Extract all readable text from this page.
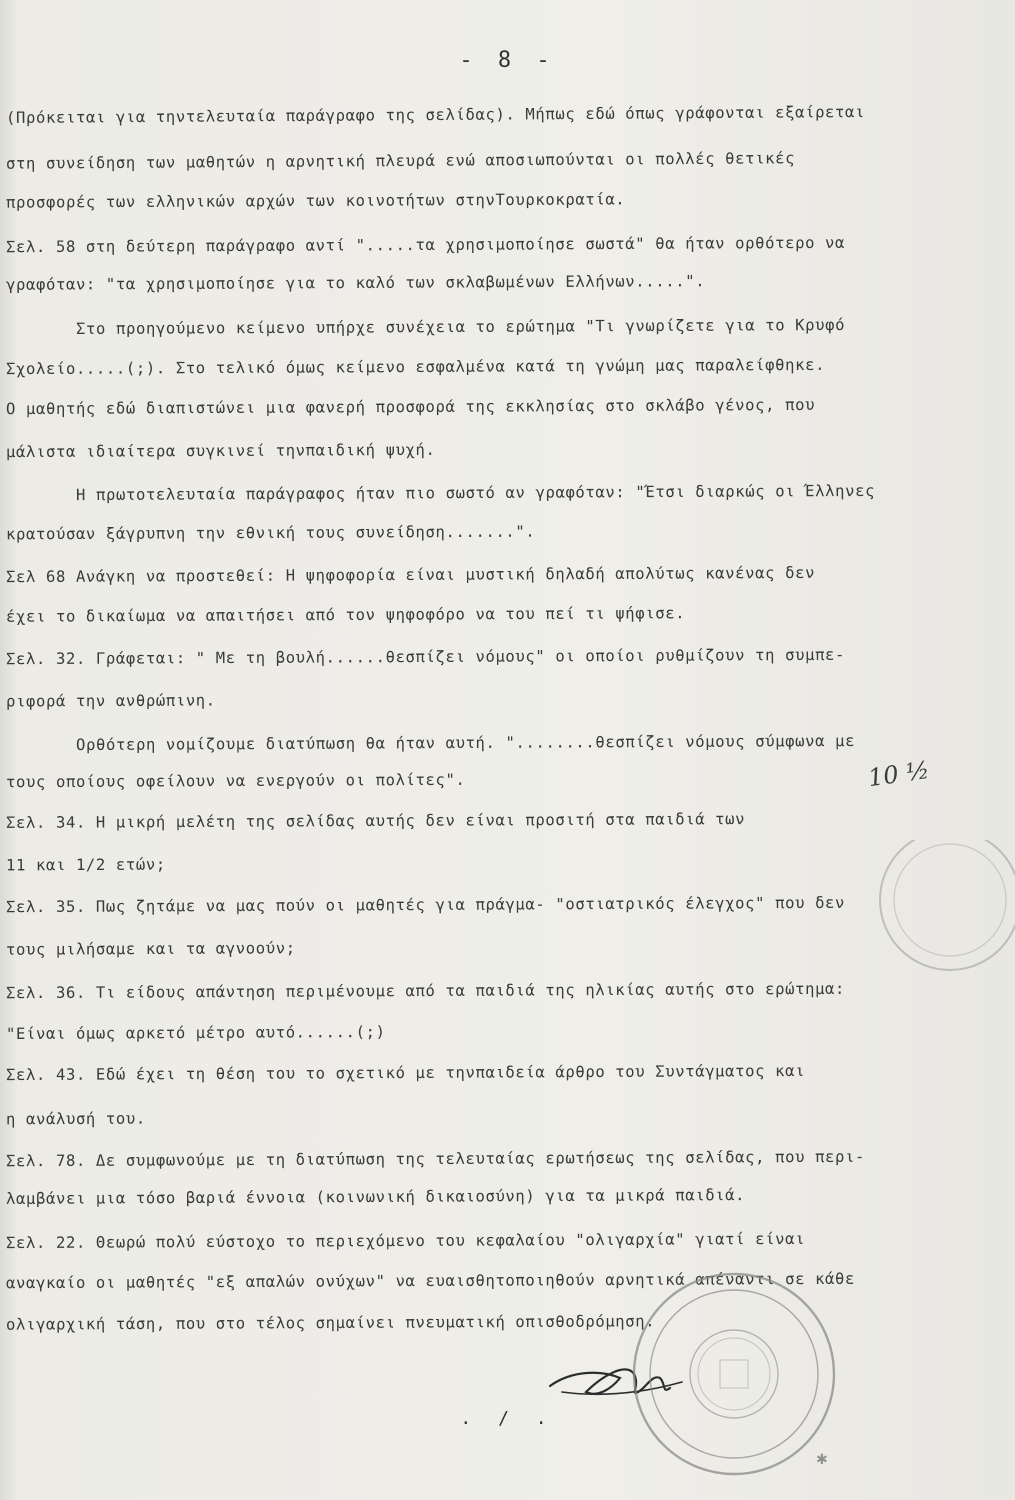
- 8 -
(Πρόκειται για τηντελευταία παράγραφο της σελίδας). Μήπως εδώ όπως γράφονται εξαίρεται
στη συνείδηση των μαθητών η αρνητική πλευρά ενώ αποσιωπούνται οι πολλές θετικές
προσφορές των ελληνικών αρχών των κοινοτήτων στηνΤουρκοκρατία.
Σελ. 58 στη δεύτερη παράγραφο αντί ".....τα χρησιμοποίησε σωστά" θα ήταν ορθότερο να
γραφόταν: "τα χρησιμοποίησε για το καλό των σκλαβωμένων Ελλήνων.....".
Στο προηγούμενο κείμενο υπήρχε συνέχεια το ερώτημα "Τι γνωρίζετε για το Κρυφό
Σχολείο.....(;). Στο τελικό όμως κείμενο εσφαλμένα κατά τη γνώμη μας παραλείφθηκε.
Ο μαθητής εδώ διαπιστώνει μια φανερή προσφορά της εκκλησίας στο σκλάβο γένος, που
μάλιστα ιδιαίτερα συγκινεί τηνπαιδική ψυχή.
Η πρωτοτελευταία παράγραφος ήταν πιο σωστό αν γραφόταν: "Έτσι διαρκώς οι Έλληνες
κρατούσαν ξάγρυπνη την εθνική τους συνείδηση.......".
Σελ 68 Ανάγκη να προστεθεί: Η ψηφοφορία είναι μυστική δηλαδή απολύτως κανένας δεν
έχει το δικαίωμα να απαιτήσει από τον ψηφοφόρο να του πεί τι ψήφισε.
Σελ. 32. Γράφεται: " Με τη βουλή......θεσπίζει νόμους" οι οποίοι ρυθμίζουν τη συμπε-
ριφορά την ανθρώπινη.
Ορθότερη νομίζουμε διατύπωση θα ήταν αυτή. "........θεσπίζει νόμους σύμφωνα με
τους οποίους οφείλουν να ενεργούν οι πολίτες".
Σελ. 34. Η μικρή μελέτη της σελίδας αυτής δεν είναι προσιτή στα παιδιά των
11 και 1/2 ετών;
Σελ. 35. Πως ζητάμε να μας πούν οι μαθητές για πράγμα- "οστιατρικός έλεγχος" που δεν
τους μιλήσαμε και τα αγνοούν;
Σελ. 36. Τι είδους απάντηση περιμένουμε από τα παιδιά της ηλικίας αυτής στο ερώτημα:
"Είναι όμως αρκετό μέτρο αυτό......(;)
Σελ. 43. Εδώ έχει τη θέση του το σχετικό με τηνπαιδεία άρθρο του Συντάγματος και
η ανάλυσή του.
Σελ. 78. Δε συμφωνούμε με τη διατύπωση της τελευταίας ερωτήσεως της σελίδας, που περι-
λαμβάνει μια τόσο βαριά έννοια (κοινωνική δικαιοσύνη) για τα μικρά παιδιά.
Σελ. 22. Θεωρώ πολύ εύστοχο το περιεχόμενο του κεφαλαίου "ολιγαρχία" γιατί είναι
αναγκαίο οι μαθητές "εξ απαλών ονύχων" να ευαισθητοποιηθούν αρνητικά απέναντι σε κάθε
ολιγαρχική τάση, που στο τέλος σημαίνει πνευματική οπισθοδρόμηση.
10 ½
✱
. / .
